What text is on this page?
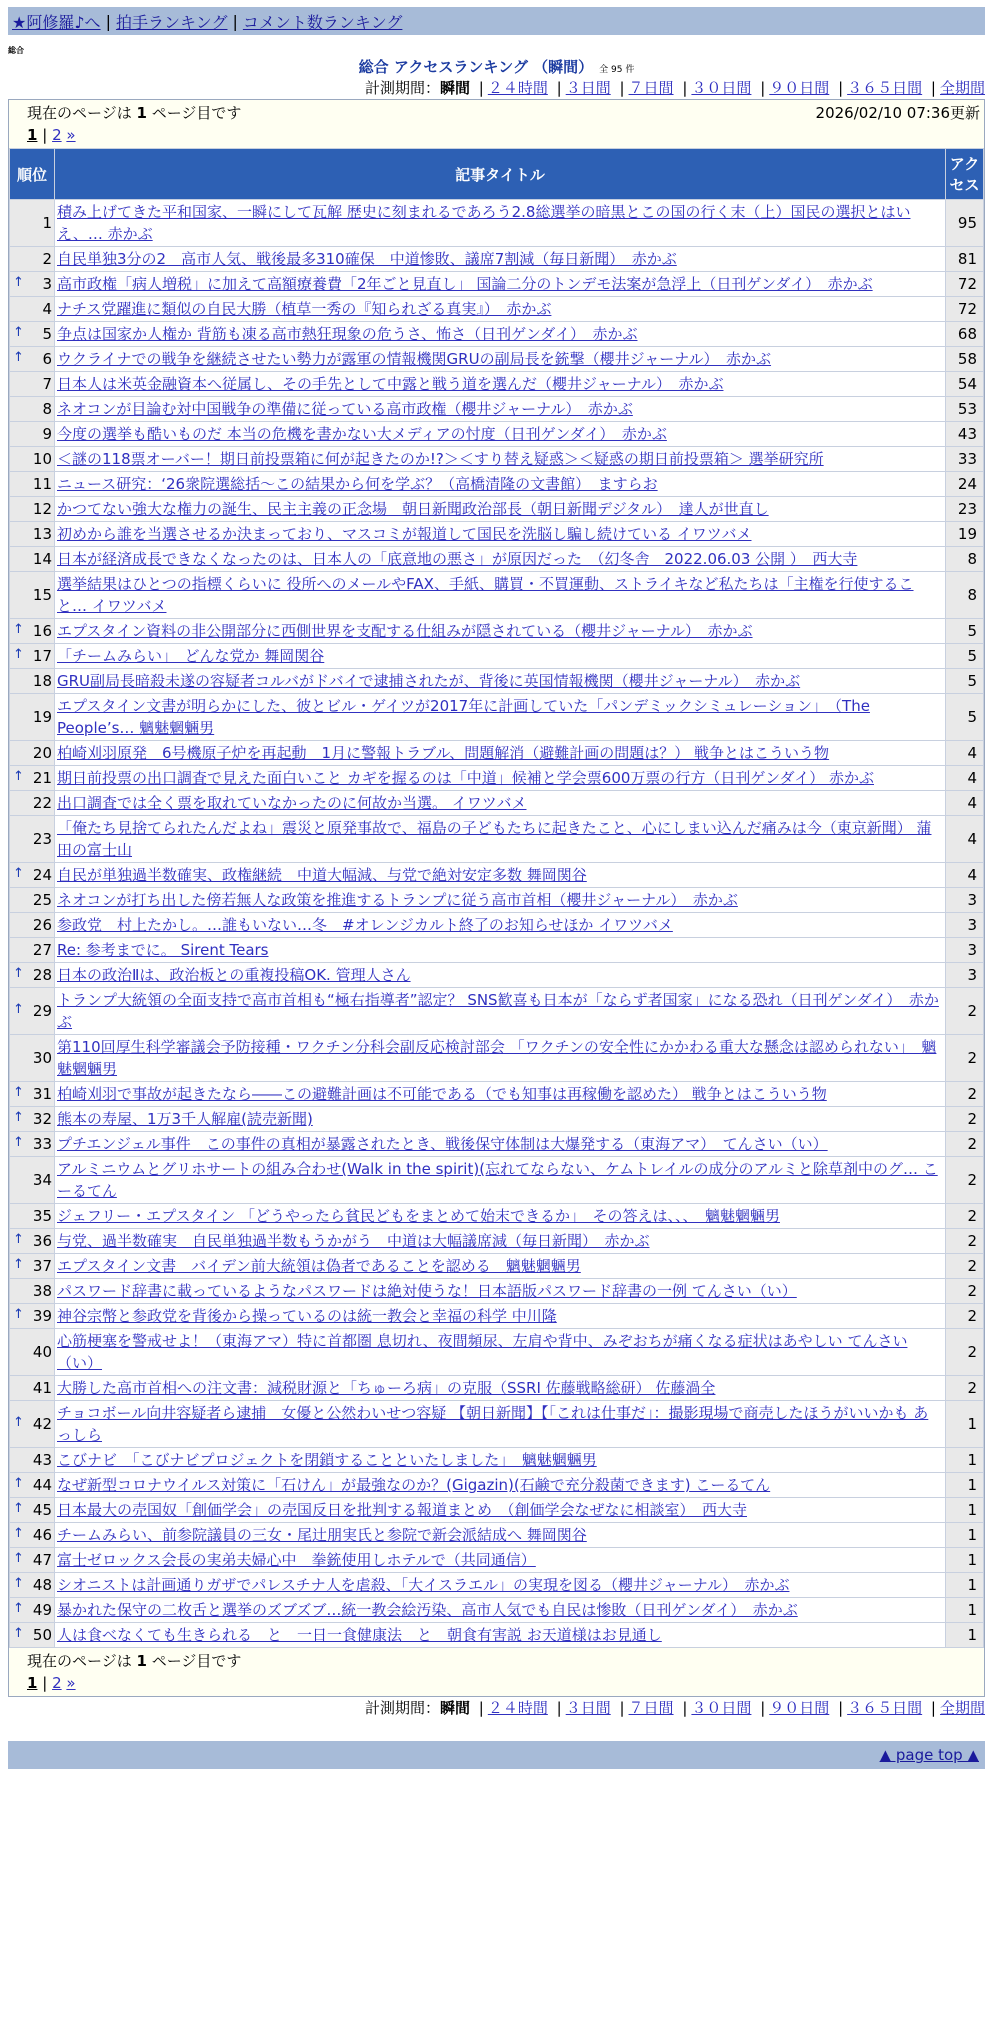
★阿修羅♪へ | 拍手ランキング | コメント数ランキング
総合
総合 アクセスランキング （瞬間） 全 95 件
計測期間：瞬間 | ２４時間 | ３日間 | ７日間 | ３０日間 | ９０日間 | ３６５日間 | 全期間
現在のページは 1 ページ目です	2026/02/10 07:36更新
1 | 2 »
順位	記事タイトル	アクセス
1	積み上げてきた平和国家、一瞬にして瓦解 歴史に刻まれるであろう2.8総選挙の暗黒とこの国の行く末（上）国民の選択とはいえ、… 赤かぶ	95
2	自民単独3分の2　高市人気、戦後最多310確保　中道惨敗、議席7割減（毎日新聞）　赤かぶ	81

↑ 3	高市政権「病人増税」に加えて高額療養費「2年ごと見直し」 国論二分のトンデモ法案が急浮上（日刊ゲンダイ）　赤かぶ	72
4	ナチス党躍進に類似の自民大勝（植草一秀の『知られざる真実』）　赤かぶ	72

↑ 5	争点は国家か人権か 背筋も凍る高市熱狂現象の危うさ、怖さ（日刊ゲンダイ）　赤かぶ	68

↑ 6	ウクライナでの戦争を継続させたい勢力が露軍の情報機関GRUの副局長を銃撃（櫻井ジャーナル）　赤かぶ	58
7	日本人は米英金融資本へ従属し、その手先として中露と戦う道を選んだ（櫻井ジャーナル）　赤かぶ	54
8	ネオコンが目論む対中国戦争の準備に従っている高市政権（櫻井ジャーナル）　赤かぶ	53
9	今度の選挙も酷いものだ 本当の危機を書かない大メディアの忖度（日刊ゲンダイ）　赤かぶ	43
10	＜謎の118票オーバー！期日前投票箱に何が起きたのか!?＞＜すり替え疑惑＞＜疑惑の期日前投票箱＞ 選挙研究所	33
11	ニュース研究：‘26衆院選総括～この結果から何を学ぶ？（高橋清隆の文書館）　ますらお	24
12	かつてない強大な権力の誕生、民主主義の正念場　朝日新聞政治部長（朝日新聞デジタル）　達人が世直し	23
13	初めから誰を当選させるか決まっており、マスコミが報道して国民を洗脳し騙し続けている イワツバメ	19
14	日本が経済成長できなくなったのは、日本人の「底意地の悪さ」が原因だった　（幻冬舎　2022.06.03 公開 ）　西大寺	8
15	選挙結果はひとつの指標くらいに 役所へのメールやFAX、手紙、購買・不買運動、ストライキなど私たちは「主権を行使すること… イワツバメ	8

↑ 16	エプスタイン資料の非公開部分に西側世界を支配する仕組みが隠されている（櫻井ジャーナル）　赤かぶ	5

↑ 17	「チームみらい」　どんな党か 舞岡関谷	5
18	GRU副局長暗殺未遂の容疑者コルバがドバイで逮捕されたが、背後に英国情報機関（櫻井ジャーナル）　赤かぶ	5
19	エプスタイン文書が明らかにした、彼とビル・ゲイツが2017年に計画していた「パンデミックシミュレーション」　（The People’s… 魑魅魍魎男	5
20	柏崎刈羽原発　6号機原子炉を再起動　1月に警報トラブル、問題解消（避難計画の問題は？） 戦争とはこういう物	4

↑ 21	期日前投票の出口調査で見えた面白いこと カギを握るのは「中道」候補と学会票600万票の行方（日刊ゲンダイ） 赤かぶ	4
22	出口調査では全く票を取れていなかったのに何故か当選。 イワツバメ	4
23	「俺たち見捨てられたんだよね」震災と原発事故で、福島の子どもたちに起きたこと、心にしまい込んだ痛みは今（東京新聞） 蒲田の富士山	4

↑ 24	自民が単独過半数確実、政権継続　中道大幅減、与党で絶対安定多数 舞岡関谷	4
25	ネオコンが打ち出した傍若無人な政策を推進するトランプに従う高市首相（櫻井ジャーナル）　赤かぶ	3
26	参政党　村上たかし。…誰もいない…冬　#オレンジカルト終了のお知らせほか イワツバメ	3
27	Re: 参考までに。 Sirent Tears	3

↑ 28	日本の政治Ⅱは、政治板との重複投稿OK. 管理人さん	3

↑ 29	トランプ大統領の全面支持で高市首相も“極右指導者”認定？ SNS歓喜も日本が「ならず者国家」になる恐れ（日刊ゲンダイ）　赤かぶ	2
30	第110回厚生科学審議会予防接種・ワクチン分科会副反応検討部会 「ワクチンの安全性にかかわる重大な懸念は認められない」　魑魅魍魎男	2

↑ 31	柏崎刈羽で事故が起きたなら――この避難計画は不可能である（でも知事は再稼働を認めた） 戦争とはこういう物	2

↑ 32	熊本の寿屋、1万3千人解雇(読売新聞)	2

↑ 33	プチエンジェル事件　この事件の真相が暴露されたとき、戦後保守体制は大爆発する（東海アマ）　てんさい（い）	2
34	アルミニウムとグリホサートの組み合わせ(Walk in the spirit)(忘れてならない、ケムトレイルの成分のアルミと除草剤中のグ… こーるてん	2
35	ジェフリー・エプスタイン 「どうやったら貧民どもをまとめて始末できるか」　その答えは、、、　魑魅魍魎男	2

↑ 36	与党、過半数確実　自民単独過半数もうかがう　中道は大幅議席減（毎日新聞）　赤かぶ	2

↑ 37	エプスタイン文書　バイデン前大統領は偽者であることを認める　魑魅魍魎男	2
38	パスワード辞書に載っているようなパスワードは絶対使うな！日本語版パスワード辞書の一例 てんさい（い）	2

↑ 39	神谷宗幣と参政党を背後から操っているのは統一教会と幸福の科学 中川隆	2
40	心筋梗塞を警戒せよ！（東海アマ）特に首都圏 息切れ、夜間頻尿、左肩や背中、みぞおちが痛くなる症状はあやしい てんさい（い）	2
41	大勝した高市首相への注文書：減税財源と「ちゅーろ病」の克服（SSRI 佐藤戦略総研） 佐藤渦全	2

↑ 42	チョコボール向井容疑者ら逮捕　女優と公然わいせつ容疑 【朝日新聞】【「これは仕事だ」：撮影現場で商売したほうがいいかも あっしら	1
43	こびナビ　「こびナビプロジェクトを閉鎖することといたしました」　魑魅魍魎男	1

↑ 44	なぜ新型コロナウイルス対策に「石けん」が最強なのか？(Gigazin)(石鹸で充分殺菌できます) こーるてん	1

↑ 45	日本最大の売国奴「創価学会」の売国反日を批判する報道まとめ　（創価学会なぜなに相談室）　西大寺	1

↑ 46	チームみらい、前参院議員の三女・尾辻朋実氏と参院で新会派結成へ 舞岡関谷	1

↑ 47	富士ゼロックス会長の実弟夫婦心中　拳銃使用しホテルで（共同通信）	1

↑ 48	シオニストは計画通りガザでパレスチナ人を虐殺、「大イスラエル」の実現を図る（櫻井ジャーナル）　赤かぶ	1

↑ 49	暴かれた保守の二枚舌と選挙のズブズブ…統一教会絵汚染、高市人気でも自民は惨敗（日刊ゲンダイ）　赤かぶ	1

↑ 50	人は食べなくても生きられる　と　一日一食健康法　と　朝食有害説 お天道様はお見通し	1
現在のページは 1 ページ目です
1 | 2 »
計測期間：瞬間 | ２４時間 | ３日間 | ７日間 | ３０日間 | ９０日間 | ３６５日間 | 全期間
▲ page top ▲
